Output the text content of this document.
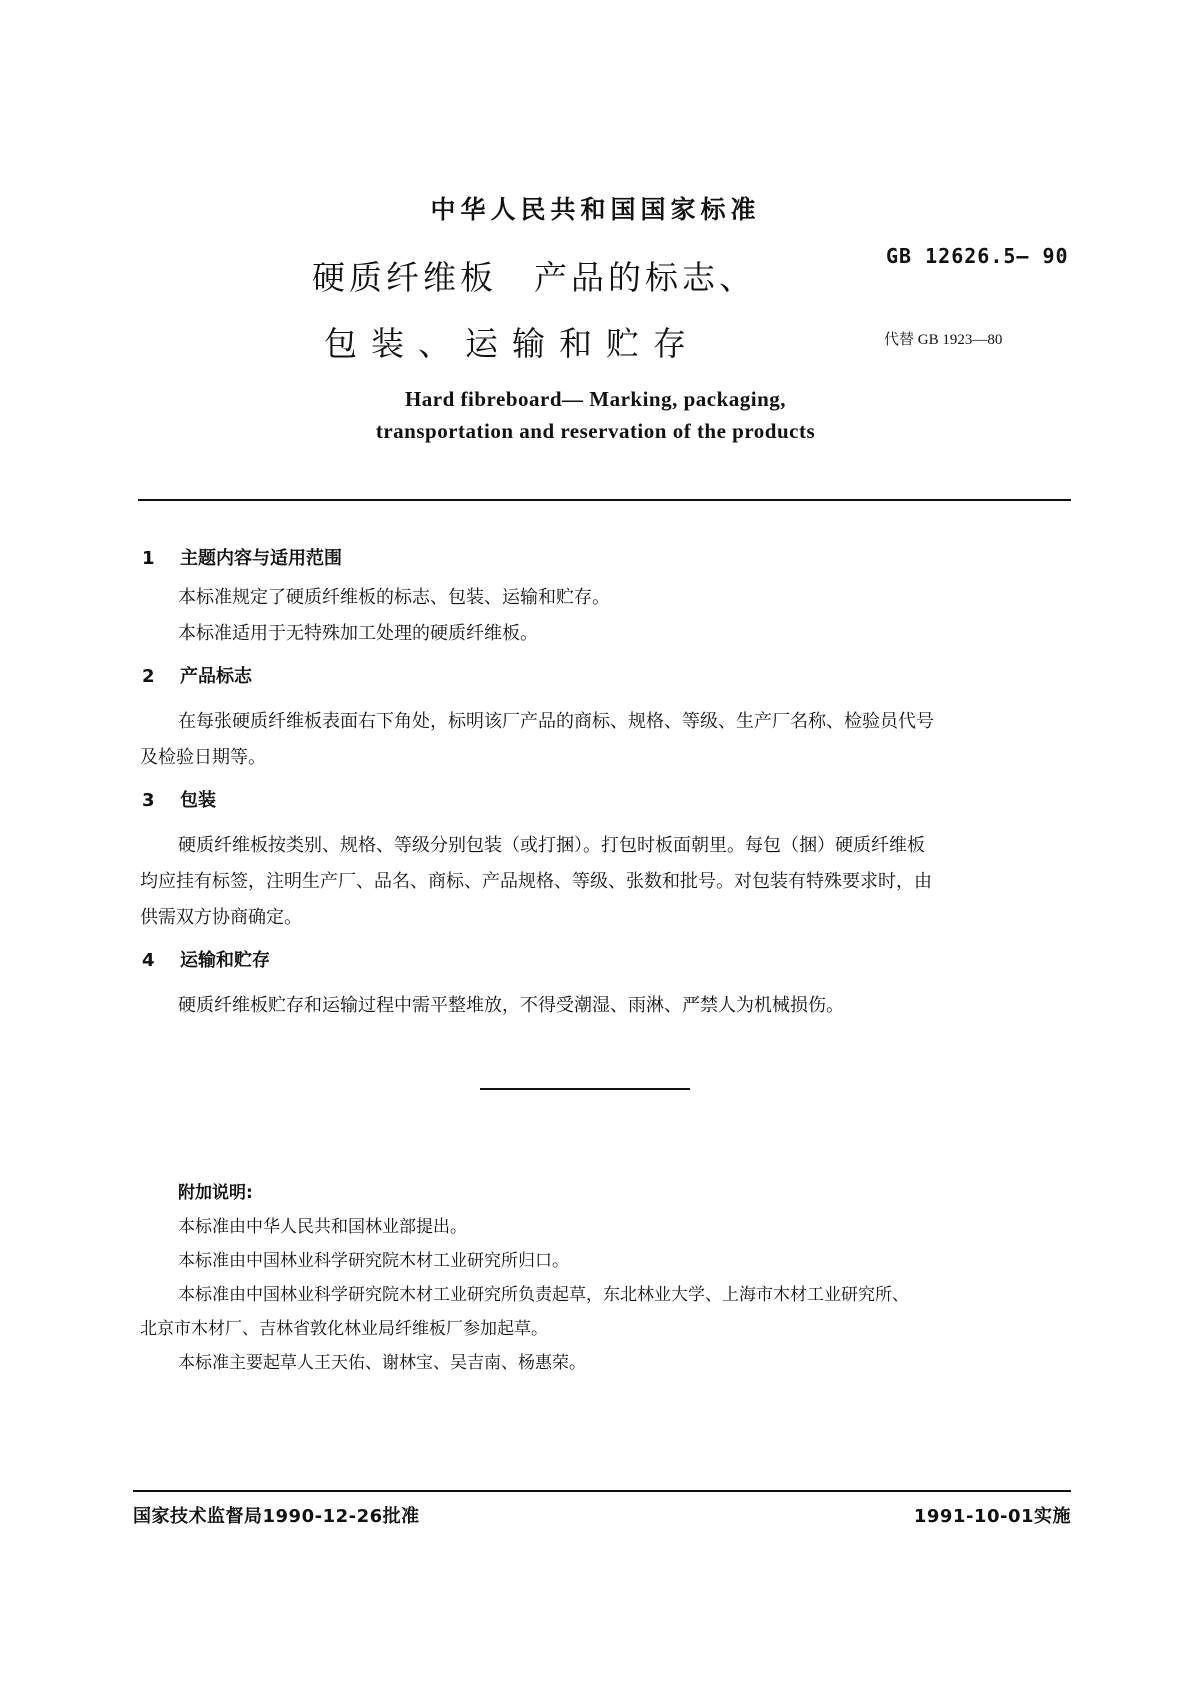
中华人民共和国国家标准
硬质纤维板　产品的标志、
包装、运输和贮存
GB 12626.5— 90
代替 GB 1923—80
Hard fibreboard— Marking, packaging,
transportation and reservation of the products
1 主题内容与适用范围
本标准规定了硬质纤维板的标志、包装、运输和贮存。
本标准适用于无特殊加工处理的硬质纤维板。
2 产品标志
在每张硬质纤维板表面右下角处，标明该厂产品的商标、规格、等级、生产厂名称、检验员代号
及检验日期等。
3 包装
硬质纤维板按类别、规格、等级分别包装（或打捆）。打包时板面朝里。每包（捆）硬质纤维板
均应挂有标签，注明生产厂、品名、商标、产品规格、等级、张数和批号。对包装有特殊要求时，由
供需双方协商确定。
4 运输和贮存
硬质纤维板贮存和运输过程中需平整堆放，不得受潮湿、雨淋、严禁人为机械损伤。
附加说明:
本标准由中华人民共和国林业部提出。
本标准由中国林业科学研究院木材工业研究所归口。
本标准由中国林业科学研究院木材工业研究所负责起草，东北林业大学、上海市木材工业研究所、
北京市木材厂、吉林省敦化林业局纤维板厂参加起草。
本标准主要起草人王天佑、谢林宝、吴吉南、杨惠荣。
国家技术监督局1990-12-26批准	1991-10-01实施
